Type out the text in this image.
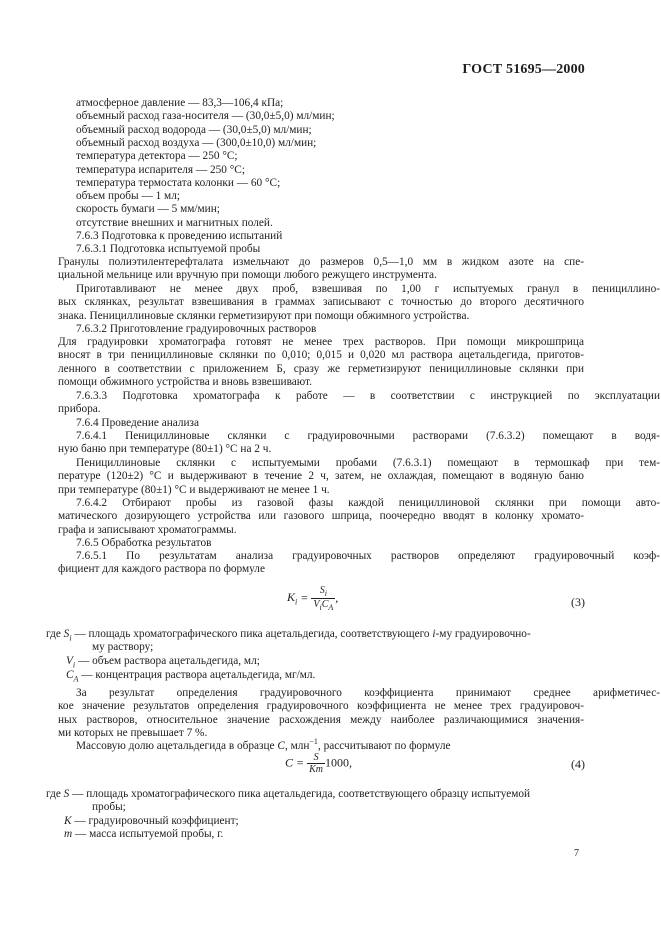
ГОСТ 51695—2000
атмосферное давление — 83,3—106,4 кПа;
объемный расход газа-носителя — (30,0±5,0) мл/мин;
объемный расход водорода — (30,0±5,0) мл/мин;
объемный расход воздуха — (300,0±10,0) мл/мин;
температура детектора — 250 °С;
температура испарителя — 250 °С;
температура термостата колонки — 60 °С;
объем пробы — 1 мл;
скорость бумаги — 5 мм/мин;
отсутствие внешних и магнитных полей.
7.6.3 Подготовка к проведению испытаний
7.6.3.1 Подготовка испытуемой пробы
Гранулы полиэтилентерефталата измельчают до размеров 0,5—1,0 мм в жидком азоте на спе-
циальной мельнице или вручную при помощи любого режущего инструмента.
Приготавливают не менее двух проб, взвешивая по 1,00 г испытуемых гранул в пенициллино-
вых склянках, результат взвешивания в граммах записывают с точностью до второго десятичного
знака. Пенициллиновые склянки герметизируют при помощи обжимного устройства.
7.6.3.2 Приготовление градуировочных растворов
Для градуировки хроматографа готовят не менее трех растворов. При помощи микрошприца
вносят в три пенициллиновые склянки по 0,010; 0,015 и 0,020 мл раствора ацетальдегида, приготов-
ленного в соответствии с приложением Б, сразу же герметизируют пенициллиновые склянки при
помощи обжимного устройства и вновь взвешивают.
7.6.3.3 Подготовка хроматографа к работе — в соответствии с инструкцией по эксплуатации
прибора.
7.6.4 Проведение анализа
7.6.4.1 Пенициллиновые склянки с градуировочными растворами (7.6.3.2) помещают в водя-
ную баню при температуре (80±1) °С на 2 ч.
Пенициллиновые склянки с испытуемыми пробами (7.6.3.1) помещают в термошкаф при тем-
пературе (120±2) °С и выдерживают в течение 2 ч, затем, не охлаждая, помещают в водяную баню
при температуре (80±1) °С и выдерживают не менее 1 ч.
7.6.4.2 Отбирают пробы из газовой фазы каждой пенициллиновой склянки при помощи авто-
матического дозирующего устройства или газового шприца, поочередно вводят в колонку хромато-
графа и записывают хроматограммы.
7.6.5 Обработка результатов
7.6.5.1 По результатам анализа градуировочных растворов определяют градуировочный коэф-
фициент для каждого раствора по формуле
$K_i = \frac{S_i}{V_iC_A}$ ,	(3)
где $S_i$ — площадь хроматографического пика ацетальдегида, соответствующего i-му градуировочно-
му раствору;
$V_i$ — объем раствора ацетальдегида, мл;
$C_A$ — концентрация раствора ацетальдегида, мг/мл.
За результат определения градуировочного коэффициента принимают среднее арифметичес-
кое значение результатов определения градуировочного коэффициента не менее трех градуировоч-
ных растворов, относительное значение расхождения между наиболее различающимися значения-
ми которых не превышает 7 %.
Массовую долю ацетальдегида в образце C, млн$^{-1}$, рассчитывают по формуле
$C = \frac{S}{Km} 1000$,	(4)
где S — площадь хроматографического пика ацетальдегида, соответствующего образцу испытуемой
пробы;
K — градуировочный коэффициент;
m — масса испытуемой пробы, г.
7
